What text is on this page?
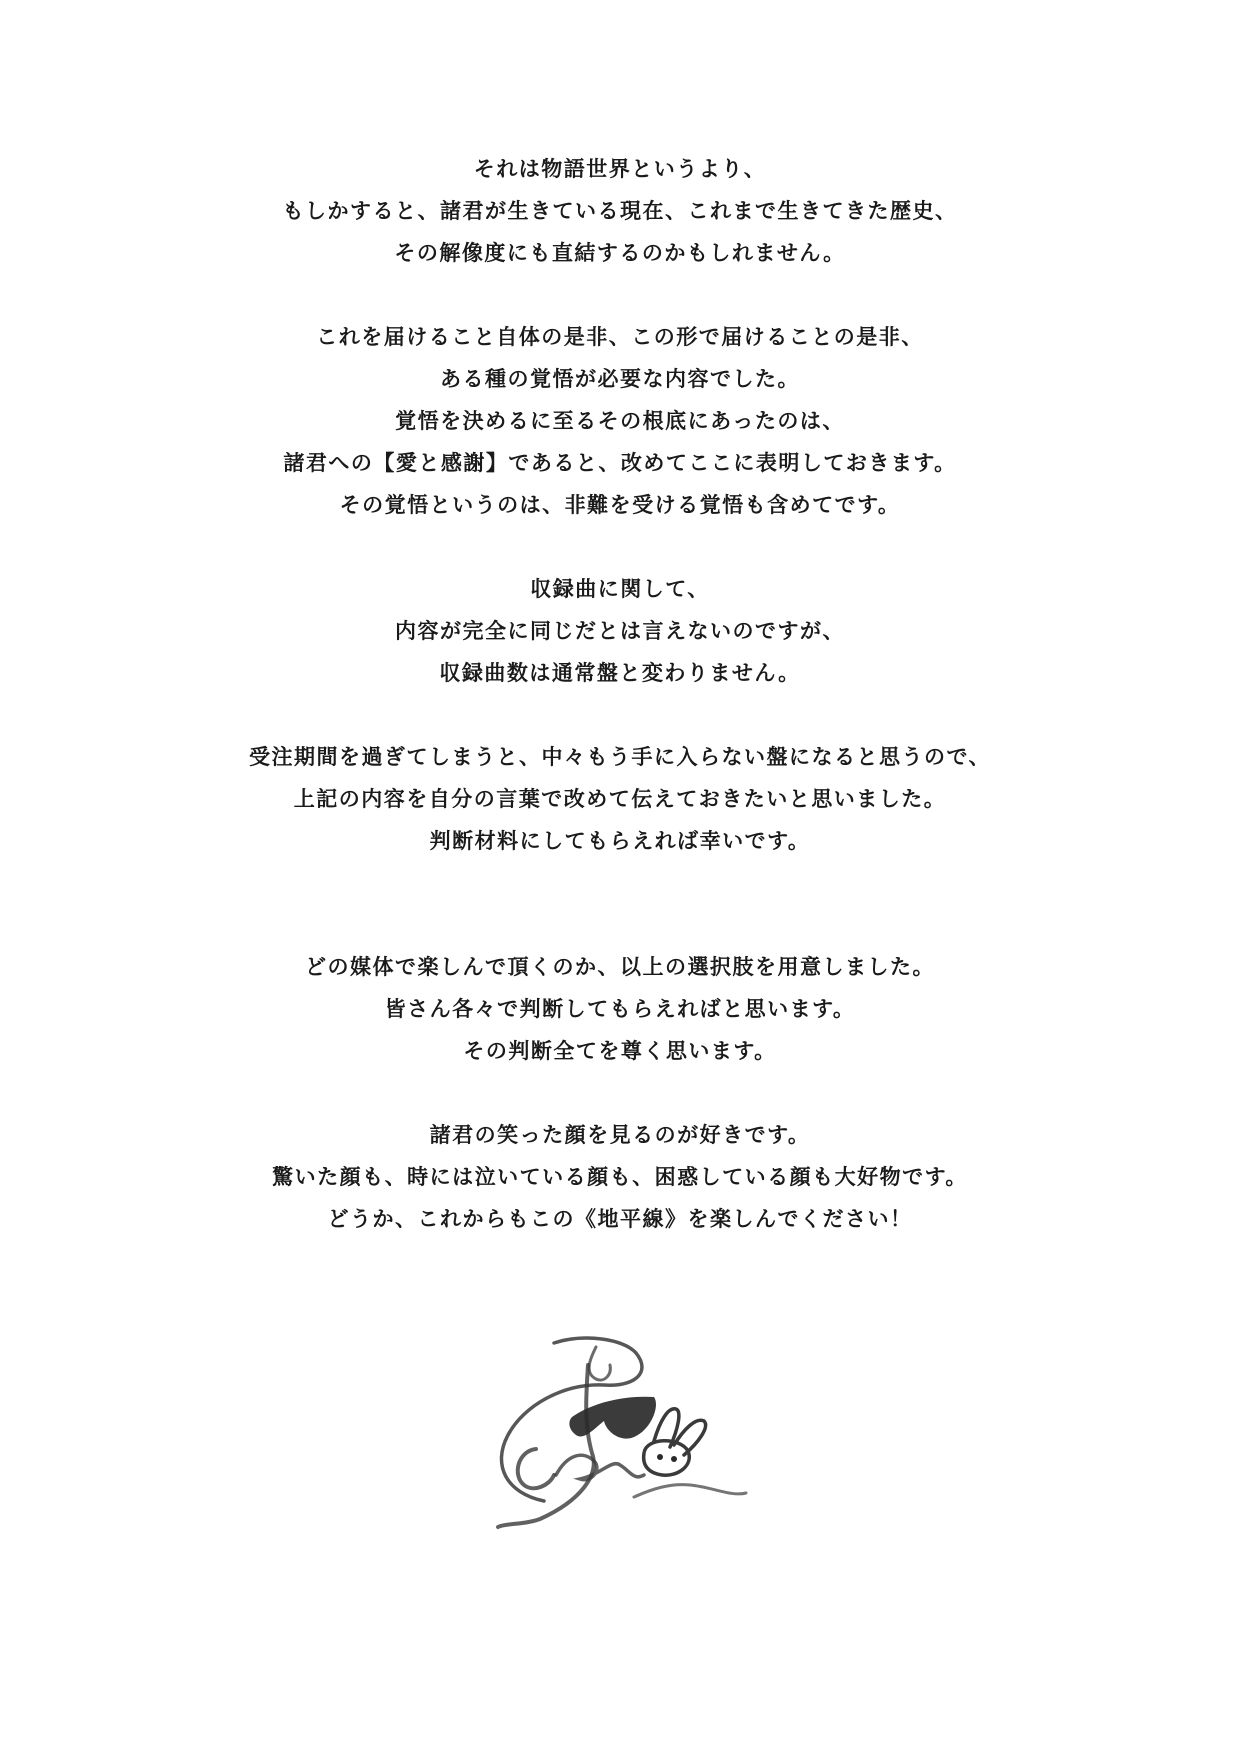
それは物語世界というより、
もしかすると、諸君が生きている現在、これまで生きてきた歴史、
その解像度にも直結するのかもしれません。

これを届けること自体の是非、この形で届けることの是非、
ある種の覚悟が必要な内容でした。
覚悟を決めるに至るその根底にあったのは、
諸君への【愛と感謝】であると、改めてここに表明しておきます。
その覚悟というのは、非難を受ける覚悟も含めてです。

収録曲に関して、
内容が完全に同じだとは言えないのですが、
収録曲数は通常盤と変わりません。

受注期間を過ぎてしまうと、中々もう手に入らない盤になると思うので、
上記の内容を自分の言葉で改めて伝えておきたいと思いました。
判断材料にしてもらえれば幸いです。

どの媒体で楽しんで頂くのか、以上の選択肢を用意しました。
皆さん各々で判断してもらえればと思います。
その判断全てを尊く思います。

諸君の笑った顔を見るのが好きです。
驚いた顔も、時には泣いている顔も、困惑している顔も大好物です。
どうか、これからもこの《地平線》を楽しんでください！
